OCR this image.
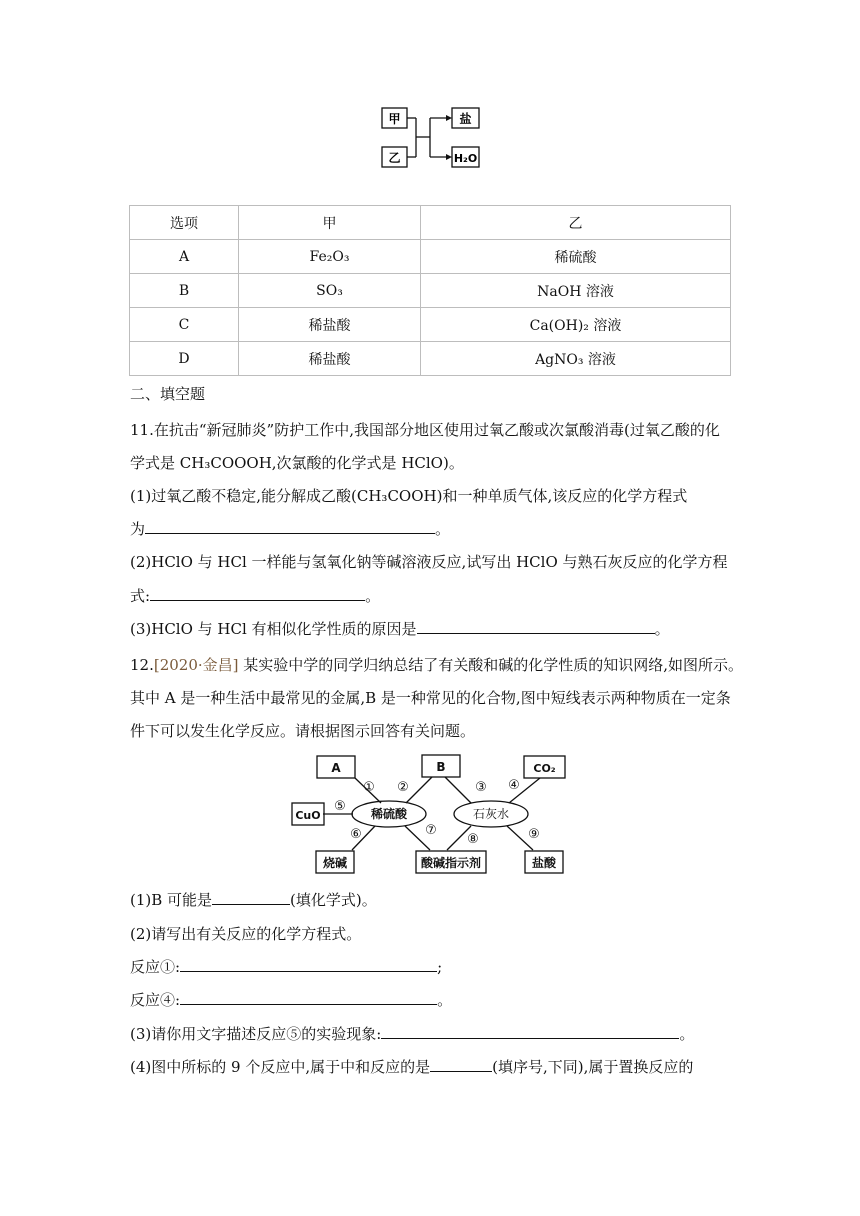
甲
乙
盐
H₂O
选项	甲	乙
A	Fe₂O₃	稀硫酸
B	SO₃	NaOH 溶液
C	稀盐酸	Ca(OH)₂ 溶液
D	稀盐酸	AgNO₃ 溶液
二、填空题
11.在抗击“新冠肺炎”防护工作中,我国部分地区使用过氧乙酸或次氯酸消毒(过氧乙酸的化
学式是 CH₃COOOH,次氯酸的化学式是 HClO)。
(1)过氧乙酸不稳定,能分解成乙酸(CH₃COOH)和一种单质气体,该反应的化学方程式
为	。
(2)HClO 与 HCl 一样能与氢氧化钠等碱溶液反应,试写出 HClO 与熟石灰反应的化学方程
式:	。
(3)HClO 与 HCl 有相似化学性质的原因是	。
12.[2020·金昌] 某实验中学的同学归纳总结了有关酸和碱的化学性质的知识网络,如图所示。
其中 A 是一种生活中最常见的金属,B 是一种常见的化合物,图中短线表示两种物质在一定条
件下可以发生化学反应。请根据图示回答有关问题。
A	B	CO₂
CuO
烧碱	酸碱指示剂	盐酸
稀硫酸	石灰水
① ②	③ ④
⑤
⑥	⑦
⑧	⑨
(1)B 可能是	(填化学式)。
(2)请写出有关反应的化学方程式。
反应①:	;
反应④:	。
(3)请你用文字描述反应⑤的实验现象:	。
(4)图中所标的 9 个反应中,属于中和反应的是	(填序号,下同),属于置换反应的
